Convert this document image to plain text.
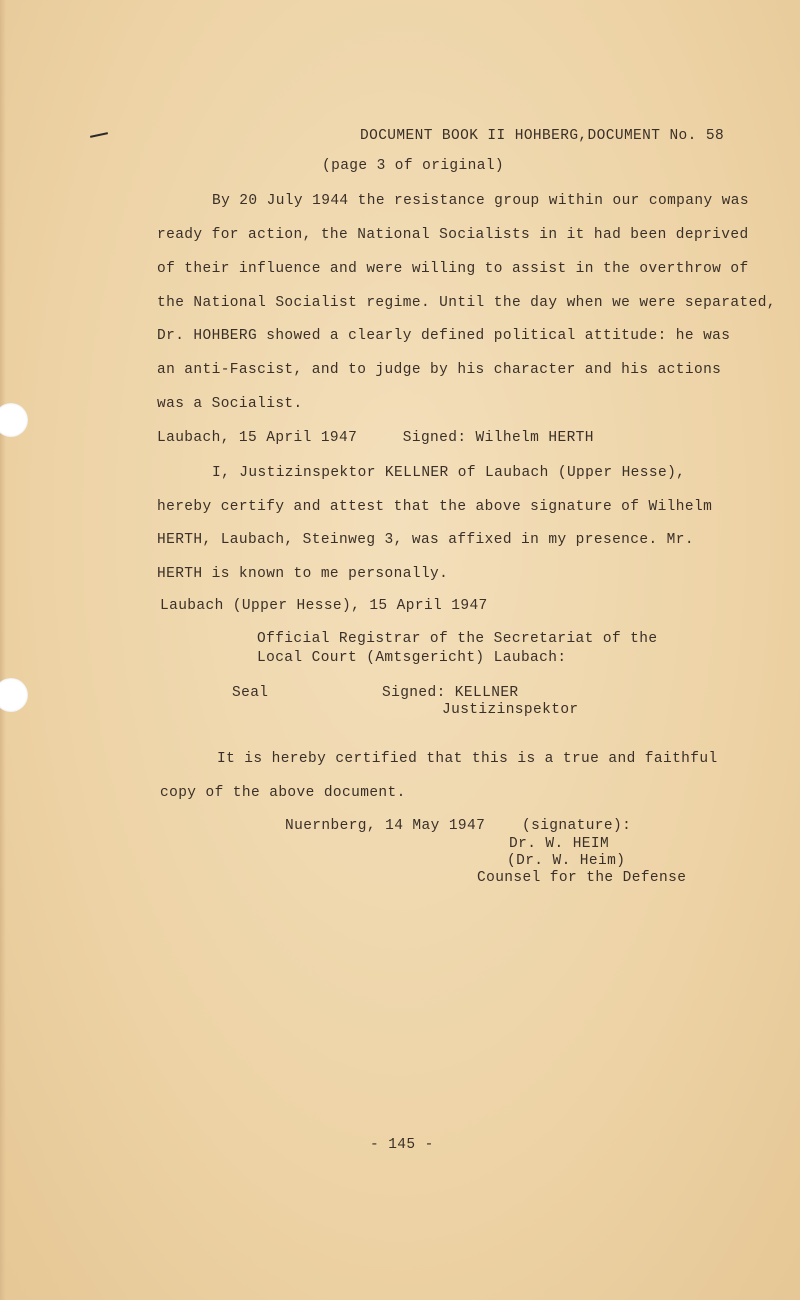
DOCUMENT BOOK II HOHBERG,DOCUMENT No. 58
(page 3 of original)
By 20 July 1944 the resistance group within our company was
ready for action, the National Socialists in it had been deprived
of their influence and were willing to assist in the overthrow of
the National Socialist regime. Until the day when we were separated,
Dr. HOHBERG showed a clearly defined political attitude: he was
an anti-Fascist, and to judge by his character and his actions
was a Socialist.
Laubach, 15 April 1947     Signed: Wilhelm HERTH
I, Justizinspektor KELLNER of Laubach (Upper Hesse),
hereby certify and attest that the above signature of Wilhelm
HERTH, Laubach, Steinweg 3, was affixed in my presence. Mr.
HERTH is known to me personally.
Laubach (Upper Hesse), 15 April 1947
Official Registrar of the Secretariat of the
Local Court (Amtsgericht) Laubach:
Seal	Signed: KELLNER
Justizinspektor
It is hereby certified that this is a true and faithful
copy of the above document.
Nuernberg, 14 May 1947	(signature):
Dr. W. HEIM
(Dr. W. Heim)
Counsel for the Defense
- 145 -
